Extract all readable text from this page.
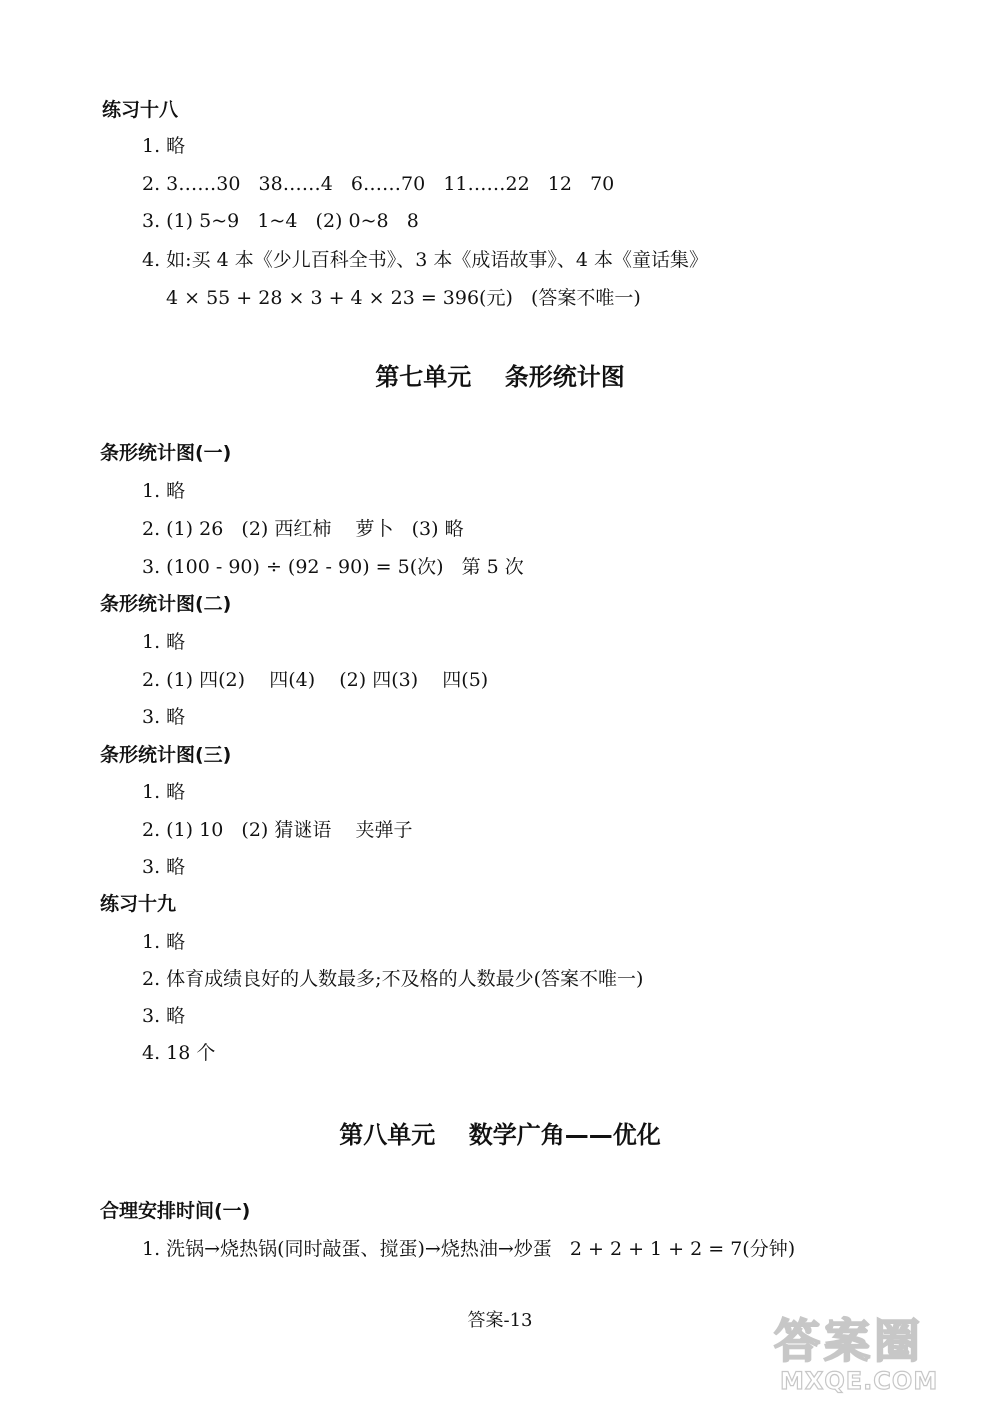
练习十八
1. 略
2. 3……30   38……4   6……70   11……22   12   70
3. (1) 5~9   1~4   (2) 0~8   8
4. 如:买 4 本《少儿百科全书》、3 本《成语故事》、4 本《童话集》
4 × 55 + 28 × 3 + 4 × 23 = 396(元)   (答案不唯一)
第七单元    条形统计图
条形统计图(一)
1. 略
2. (1) 26   (2) 西红柿    萝卜   (3) 略
3. (100 - 90) ÷ (92 - 90) = 5(次)   第 5 次
条形统计图(二)
1. 略
2. (1) 四(2)    四(4)    (2) 四(3)    四(5)
3. 略
条形统计图(三)
1. 略
2. (1) 10   (2) 猜谜语    夹弹子
3. 略
练习十九
1. 略
2. 体育成绩良好的人数最多;不及格的人数最少(答案不唯一)
3. 略
4. 18 个
第八单元    数学广角——优化
合理安排时间(一)
1. 洗锅→烧热锅(同时敲蛋、搅蛋)→烧热油→炒蛋   2 + 2 + 1 + 2 = 7(分钟)
答案-13	答案圈
MXQE.COM
